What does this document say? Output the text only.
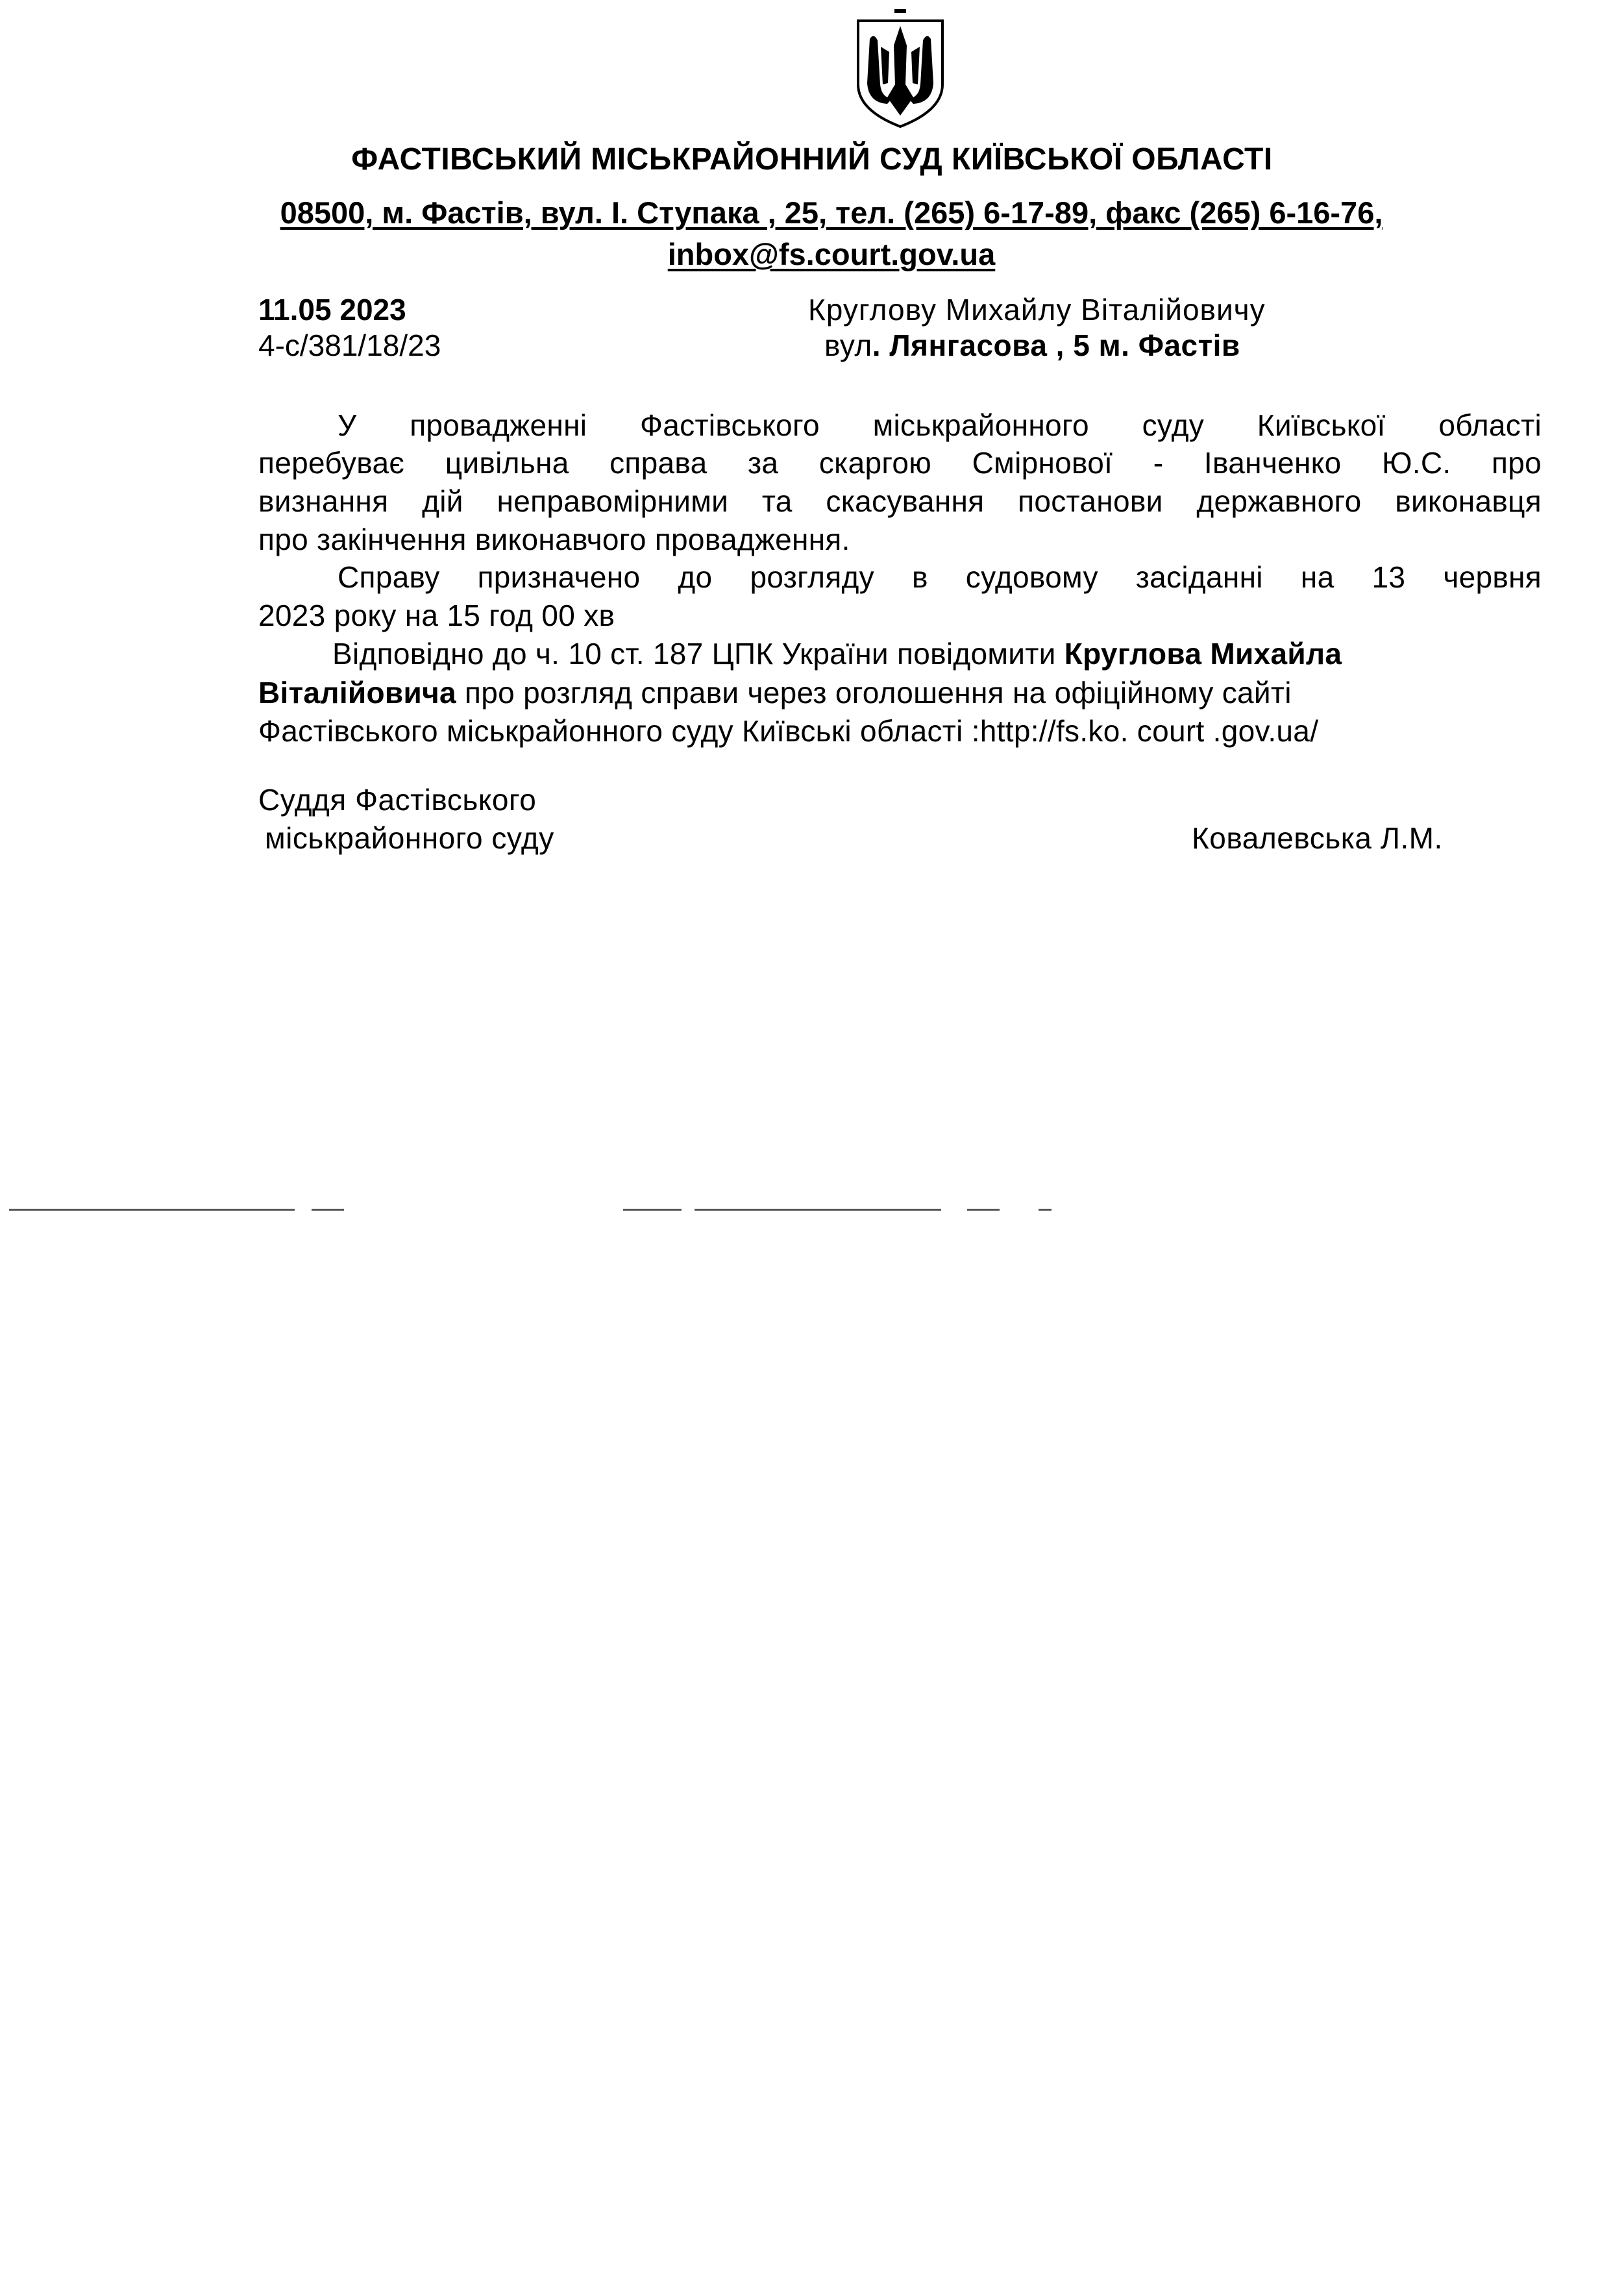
ФАСТІВСЬКИЙ МІСЬКРАЙОННИЙ СУД КИЇВСЬКОЇ ОБЛАСТІ
08500, м. Фастів, вул. І. Ступака , 25, тел. (265) 6-17-89, факс (265) 6-16-76,
inbox@fs.court.gov.ua
11.05 2023
4-с/381/18/23
Круглову Михайлу Віталійовичу
вул. Лянгасова , 5 м. Фастів
У провадженні Фастівського міськрайонного суду Київської області
перебуває цивільна справа за скаргою Смірнової - Іванченко Ю.С. про
визнання дій неправомірними та скасування постанови державного виконавця
про закінчення виконавчого провадження.
Справу призначено до розгляду в судовому засіданні на 13 червня
2023 року на 15 год 00 хв
Відповідно до ч. 10 ст. 187 ЦПК України повідомити Круглова Михайла
Віталійовича про розгляд справи через оголошення на офіційному сайті
Фастівського міськрайонного суду Київські області :http://fs.ko. court .gov.ua/
Суддя Фастівського
міськрайонного суду	Ковалевська Л.М.
